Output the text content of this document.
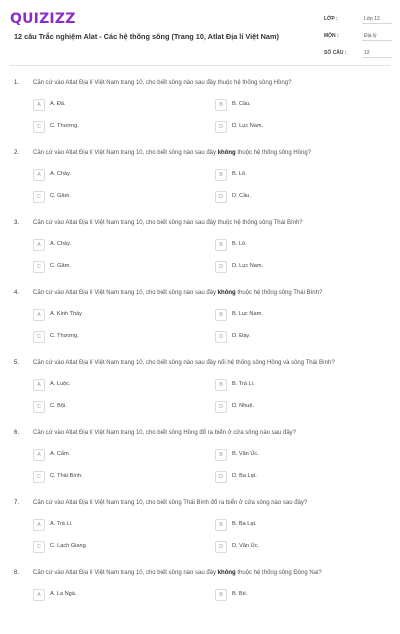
QUIZIZZ
12 câu Trắc nghiệm Alat - Các hệ thống sông (Trang 10, Atlat Địa lí Việt Nam)
LỚP :	Lớp 12
MÔN :	Địa lý
SỐ CÂU :	12
1. Căn cứ vào Atlat Địa lí Việt Nam trang 10, cho biết sông nào sau đây thuộc hệ thống sông Hồng?
A	A. Đà.	B	B. Cầu.
C	C. Thương.	D	D. Lục Nam.
2. Căn cứ vào Atlat Địa lí Việt Nam trang 10, cho biết sông nào sau đây không thuộc hệ thống sông Hồng?
A	A. Chảy.	B	B. Lô.
C	C. Gâm.	D	D. Cầu.
3. Căn cứ vào Atlat Địa lí Việt Nam trang 10, cho biết sông nào sau đây thuộc hệ thống sông Thái Bình?
A	A. Chảy.	B	B. Lô.
C	C. Gâm.	D	D. Lục Nam.
4. Căn cứ vào Atlat Địa lí Việt Nam trang 10, cho biết sông nào sau đây không thuộc hệ thống sông Thái Bình?
A	A. Kinh Thầy	B	B. Lục Nam.
C	C. Thương.	D	D. Đáy.
5. Căn cứ vào Atlat Địa lí Việt Nam trang 10, cho biết sông nào sau đây nối hệ thống sông Hồng và sông Thái Bình?
A	A. Luộc.	B	B. Trà Lí.
C	C. Bội.	D	D. Nhuệ.
6. Căn cứ vào Atlat Địa lí Việt Nam trang 10, cho biết sông Hồng đổ ra biển ở cửa sông nào sau đây?
A	A. Cấm.	B	B. Văn Úc.
C	C. Thái Bình.	D	D. Ba Lạt.
7. Căn cứ vào Atlat Địa lí Việt Nam trang 10, cho biết sông Thái Bình đổ ra biển ở cửa sông nào sau đây?
A	A. Trà Lí.	B	B. Ba Lạt.
C	C. Lạch Giang.	D	D. Văn Úc.
8. Căn cứ vào Atlat Địa lí Việt Nam trang 10, cho biết sông nào sau đây không thuộc hệ thống sông Đồng Nai?
A	A. La Ngà.	B	B. Bé.
